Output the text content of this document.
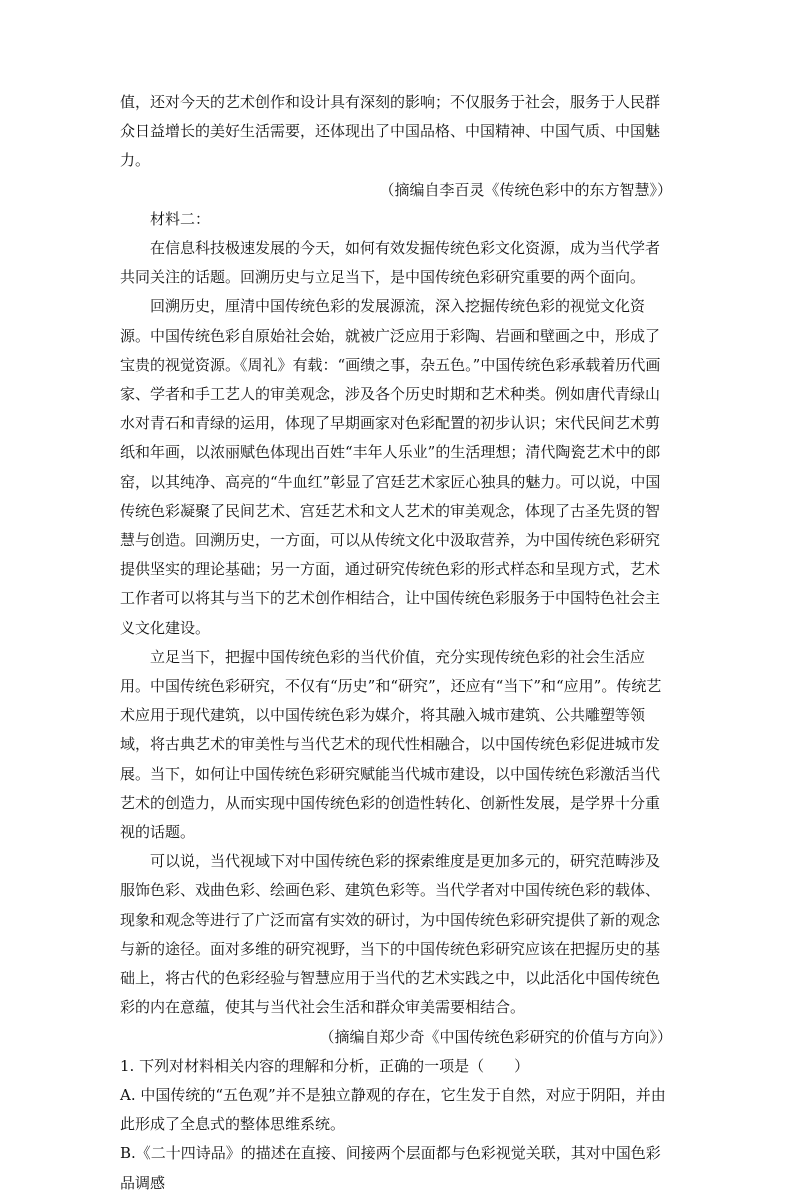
值，还对今天的艺术创作和设计具有深刻的影响；不仅服务于社会，服务于人民群众日益增长的美好生活需要，还体现出了中国品格、中国精神、中国气质、中国魅力。

（摘编自李百灵《传统色彩中的东方智慧》）

材料二：

在信息科技极速发展的今天，如何有效发掘传统色彩文化资源，成为当代学者共同关注的话题。回溯历史与立足当下，是中国传统色彩研究重要的两个面向。

回溯历史，厘清中国传统色彩的发展源流，深入挖掘传统色彩的视觉文化资源。中国传统色彩自原始社会始，就被广泛应用于彩陶、岩画和壁画之中，形成了宝贵的视觉资源。《周礼》有载：“画缋之事，杂五色。”中国传统色彩承载着历代画家、学者和手工艺人的审美观念，涉及各个历史时期和艺术种类。例如唐代青绿山水对青石和青绿的运用，体现了早期画家对色彩配置的初步认识；宋代民间艺术剪纸和年画，以浓丽赋色体现出百姓“丰年人乐业”的生活理想；清代陶瓷艺术中的郎窑，以其纯净、高亮的“牛血红”彰显了宫廷艺术家匠心独具的魅力。可以说，中国传统色彩凝聚了民间艺术、宫廷艺术和文人艺术的审美观念，体现了古圣先贤的智慧与创造。回溯历史，一方面，可以从传统文化中汲取营养，为中国传统色彩研究提供坚实的理论基础；另一方面，通过研究传统色彩的形式样态和呈现方式，艺术工作者可以将其与当下的艺术创作相结合，让中国传统色彩服务于中国特色社会主义文化建设。

立足当下，把握中国传统色彩的当代价值，充分实现传统色彩的社会生活应用。中国传统色彩研究，不仅有“历史”和“研究”，还应有“当下”和“应用”。传统艺术应用于现代建筑，以中国传统色彩为媒介，将其融入城市建筑、公共雕塑等领域，将古典艺术的审美性与当代艺术的现代性相融合，以中国传统色彩促进城市发展。当下，如何让中国传统色彩研究赋能当代城市建设，以中国传统色彩激活当代艺术的创造力，从而实现中国传统色彩的创造性转化、创新性发展，是学界十分重视的话题。

可以说，当代视域下对中国传统色彩的探索维度是更加多元的，研究范畴涉及服饰色彩、戏曲色彩、绘画色彩、建筑色彩等。当代学者对中国传统色彩的载体、现象和观念等进行了广泛而富有实效的研讨，为中国传统色彩研究提供了新的观念与新的途径。面对多维的研究视野，当下的中国传统色彩研究应该在把握历史的基础上，将古代的色彩经验与智慧应用于当代的艺术实践之中，以此活化中国传统色彩的内在意蕴，使其与当代社会生活和群众审美需要相结合。

（摘编自郑少奇《中国传统色彩研究的价值与方向》）

1. 下列对材料相关内容的理解和分析，正确的一项是（　　）

A. 中国传统的“五色观”并不是独立静观的存在，它生发于自然，对应于阴阳，并由此形成了全息式的整体思维系统。

B.《二十四诗品》的描述在直接、间接两个层面都与色彩视觉关联，其对中国色彩品调感
